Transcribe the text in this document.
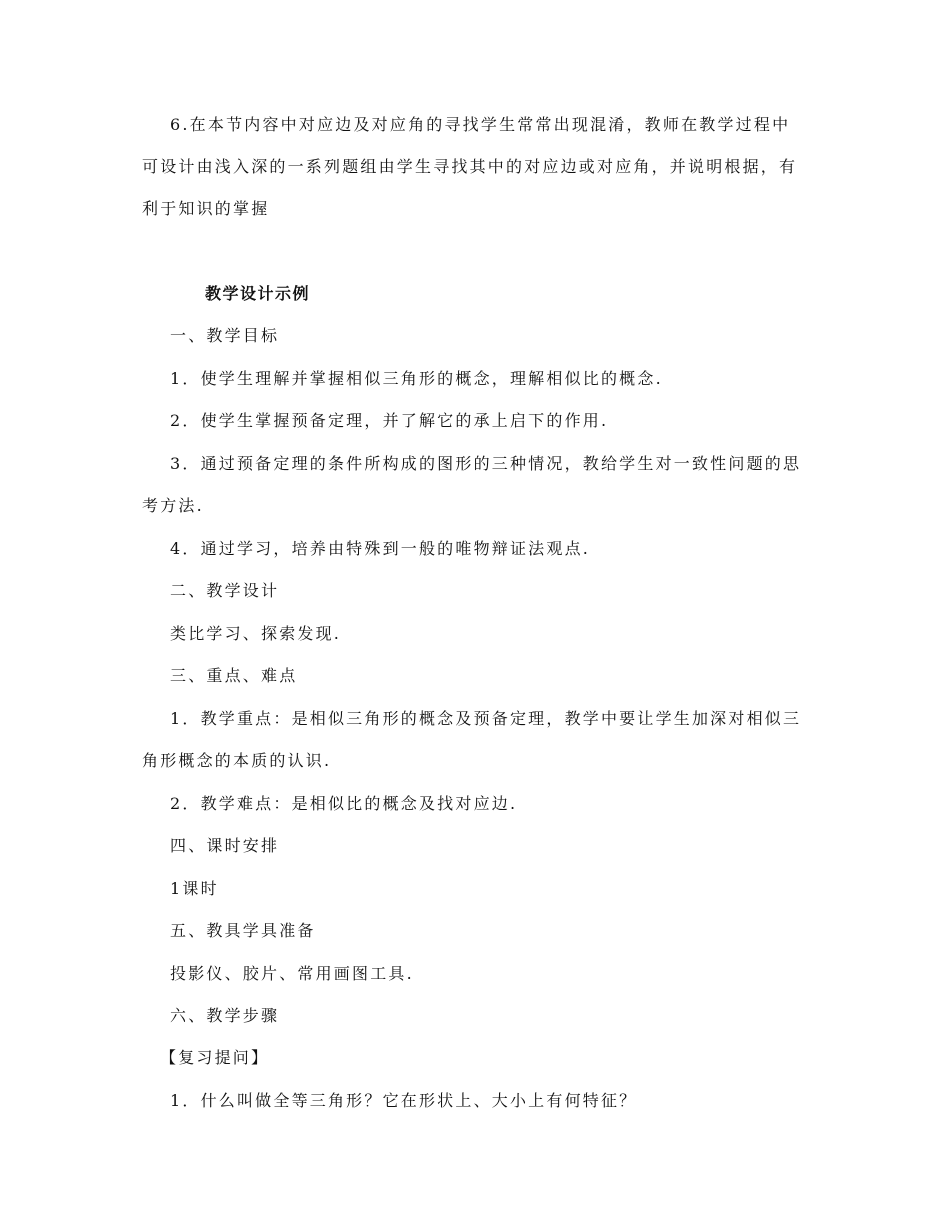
6.在本节内容中对应边及对应角的寻找学生常常出现混淆，教师在教学过程中
可设计由浅入深的一系列题组由学生寻找其中的对应边或对应角，并说明根据，有
利于知识的掌握
教学设计示例
一、教学目标
1．使学生理解并掌握相似三角形的概念，理解相似比的概念.
2．使学生掌握预备定理，并了解它的承上启下的作用.
3．通过预备定理的条件所构成的图形的三种情况，教给学生对一致性问题的思
考方法.
4．通过学习，培养由特殊到一般的唯物辩证法观点.
二、教学设计
类比学习、探索发现.
三、重点、难点
1．教学重点：是相似三角形的概念及预备定理，教学中要让学生加深对相似三
角形概念的本质的认识.
2．教学难点：是相似比的概念及找对应边.
四、课时安排
1课时
五、教具学具准备
投影仪、胶片、常用画图工具.
六、教学步骤
【复习提问】
1．什么叫做全等三角形？它在形状上、大小上有何特征？
